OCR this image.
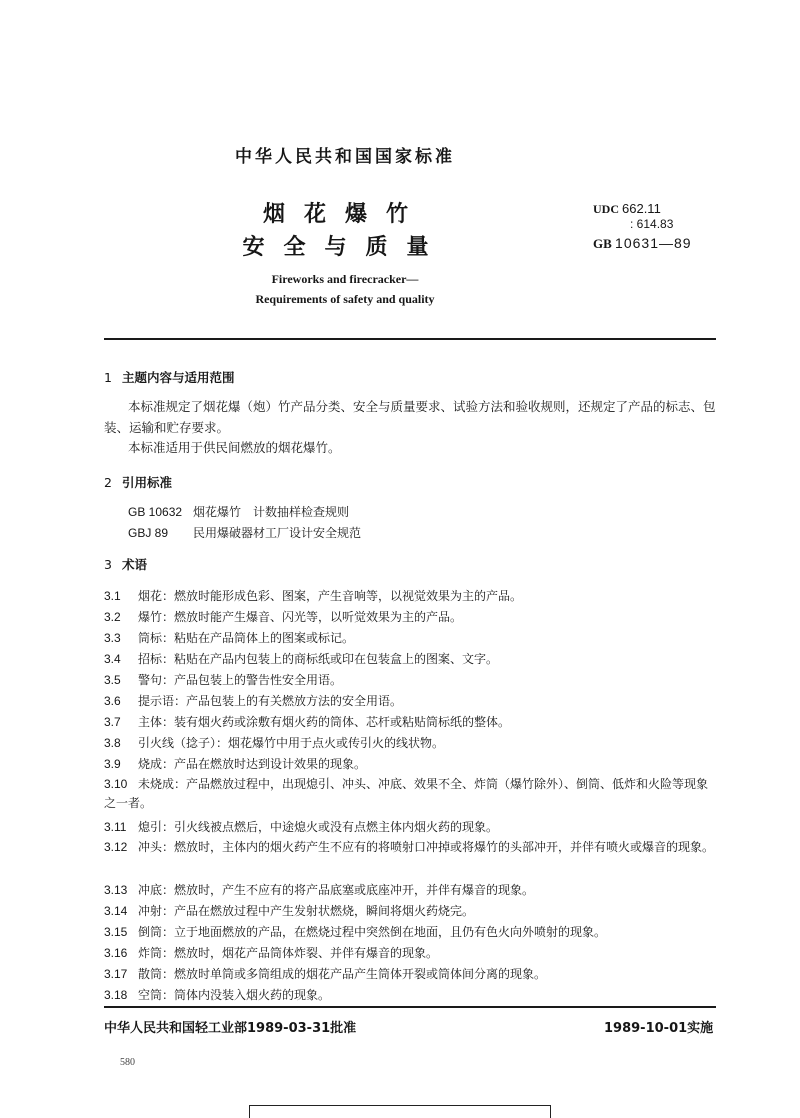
中华人民共和国国家标准
烟花爆竹
安全与质量
Fireworks and firecracker—
Requirements of safety and quality
UDC 662.11
: 614.83
GB 10631—89
1 主题内容与适用范围
本标准规定了烟花爆（炮）竹产品分类、安全与质量要求、试验方法和验收规则，还规定了产品的标志、包装、运输和贮存要求。
本标准适用于供民间燃放的烟花爆竹。
2 引用标准
GB 10632 烟花爆竹　计数抽样检查规则
GBJ 89 民用爆破器材工厂设计安全规范
3 术语
3.1 烟花：燃放时能形成色彩、图案，产生音响等，以视觉效果为主的产品。
3.2 爆竹：燃放时能产生爆音、闪光等，以听觉效果为主的产品。
3.3 筒标：粘贴在产品筒体上的图案或标记。
3.4 招标：粘贴在产品内包装上的商标纸或印在包装盒上的图案、文字。
3.5 警句：产品包装上的警告性安全用语。
3.6 提示语：产品包装上的有关燃放方法的安全用语。
3.7 主体：装有烟火药或涂敷有烟火药的筒体、芯杆或粘贴筒标纸的整体。
3.8 引火线（捻子）：烟花爆竹中用于点火或传引火的线状物。
3.9 烧成：产品在燃放时达到设计效果的现象。
3.10 未烧成：产品燃放过程中，出现熄引、冲头、冲底、效果不全、炸筒（爆竹除外）、倒筒、低炸和火险等现象之一者。
3.11 熄引：引火线被点燃后，中途熄火或没有点燃主体内烟火药的现象。
3.12 冲头：燃放时，主体内的烟火药产生不应有的将喷射口冲掉或将爆竹的头部冲开，并伴有喷火或爆音的现象。
3.13 冲底：燃放时，产生不应有的将产品底塞或底座冲开，并伴有爆音的现象。
3.14 冲射：产品在燃放过程中产生发射状燃烧，瞬间将烟火药烧完。
3.15 倒筒：立于地面燃放的产品，在燃烧过程中突然倒在地面，且仍有色火向外喷射的现象。
3.16 炸筒：燃放时，烟花产品筒体炸裂、并伴有爆音的现象。
3.17 散筒：燃放时单筒或多筒组成的烟花产品产生筒体开裂或筒体间分离的现象。
3.18 空筒：筒体内没装入烟火药的现象。
中华人民共和国轻工业部1989-03-31批准	1989-10-01实施
580
